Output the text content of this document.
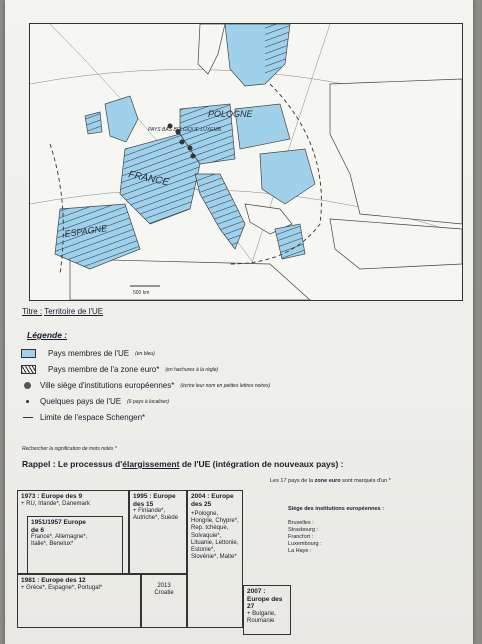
POLOGNE
FRANCE
ESPAGNE
PAYS BAS BELGIQUE LUXEMB.
500 km
Titre : Territoire de l'UE
Légende :
Pays membres de l'UE (en bleu)
Pays membre de l'a zone euro* (en hachures à la règle)
Ville siège d'institutions européennes* (écrire leur nom en petites lettres noires)
Quelques pays de l'UE (6 pays à localiser)
Limite de l'espace Schengen*
Rechercher la signification de mots notés *
Rappel : Le processus d'élargissement de l'UE (intégration de nouveaux pays) :
1973 : Europe des 9
+ RU, Irlande*, Danemark
1951/1957 Europe de 6
France*, Allemagne*, Italie*, Benelux*
1995 : Europe des 15
+ Finlande*, Autriche*, Suède
2004 : Europe des 25
+Pologne, Hongrie, Chypre*, Rep. tchèque, Solvaquie*, Lituanie, Lettonie, Estonie*, Slovénie*, Malte*
1981 : Europe des 12
+ Grèce*, Espagne*, Portugal*	2013
Croatie	2007 : Europe des 27
+ Bulgarie, Roumanie
Les 17 pays de la zone euro sont marqués d'un *
Siège des institutions européennes :
Bruxelles :
Strasbourg :
Francfort :
Luxembourg :
La Haye :
